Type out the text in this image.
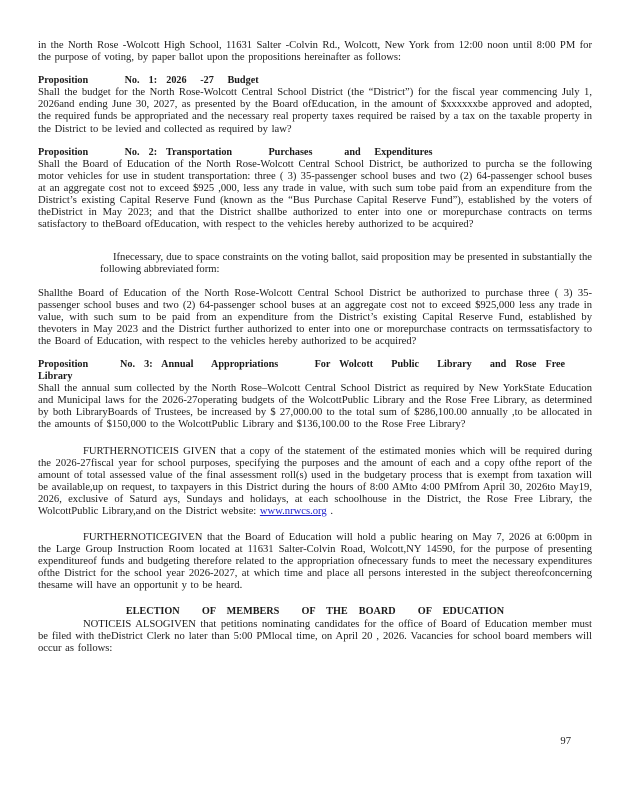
in the North Rose -Wolcott High School, 11631 Salter -Colvin Rd., Wolcott, New York from 12:00 noon until 8:00 PM for the purpose of voting, by paper ballot upon the propositions hereinafter as follows:

Proposition        No.  1:  2026   -27   Budget

Shall the budget for the North Rose-Wolcott Central School District (the “District”) for the fiscal year commencing July 1, 2026and ending June 30, 2027, as presented by the Board ofEducation, in the amount of $xxxxxxbe approved and adopted, the required funds be appropriated and the necessary real property taxes required be raised by a tax on the taxable property in the District to be levied and collected as required by law?

Proposition        No.  2:  Transportation        Purchases       and   Expenditures

Shall the Board of Education of the North Rose-Wolcott Central School District, be authorized to purcha se the following motor vehicles for use in student transportation: three ( 3) 35-passenger school buses and two (2) 64-passenger school buses at an aggregate cost not to exceed $925 ,000, less any trade in value, with such sum tobe paid from an expenditure from the District’s existing Capital Reserve Fund (known as the “Bus Purchase Capital Reserve Fund”), established by the voters of theDistrict in May 2023; and that the District shallbe authorized to enter into one or morepurchase contracts on terms satisfactory to theBoard ofEducation, with respect to the vehicles hereby authorized to be acquired?

Ifnecessary, due to space constraints on the voting ballot, said proposition may be presented in substantially the following abbreviated form:

Shallthe Board of Education of the North Rose-Wolcott Central School District be authorized to purchase three ( 3) 35-passenger school buses and two (2) 64-passenger school buses at an aggregate cost not to exceed $925,000 less any trade in value, with such sum to be paid from an expenditure from the District’s existing Capital Reserve Fund, established by thevoters in May 2023 and the District further authorized to enter into one or morepurchase contracts on termssatisfactory to the Board of Education, with respect to the vehicles hereby authorized to be acquired?

Proposition       No.  3:  Annual    Appropriations        For  Wolcott    Public    Library    and  Rose  Free  Library

Shall the annual sum collected by the North Rose–Wolcott Central School District as required by New YorkState Education and Municipal laws for the 2026-27operating budgets of the WolcottPublic Library and the Rose Free Library, as determined by both LibraryBoards of Trustees, be increased by $ 27,000.00 to the total sum of $286,100.00 annually ,to be allocated in the amounts of $150,000 to the WolcottPublic Library and $136,100.00 to the Rose Free Library?

FURTHERNOTICEIS GIVEN that a copy of the statement of the estimated monies which will be required during the 2026-27fiscal year for school purposes, specifying the purposes and the amount of each and a copy ofthe report of the amount of total assessed value of the final assessment roll(s) used in the budgetary process that is exempt from taxation will be available,up on request, to taxpayers in this District during the hours of 8:00 AMto 4:00 PMfrom April 30, 2026to May19, 2026, exclusive of Saturd ays, Sundays and holidays, at each schoolhouse in the District, the Rose Free Library, the WolcottPublic Library,and on the District website: www.nrwcs.org .

FURTHERNOTICEGIVEN that the Board of Education will hold a public hearing on May 7, 2026 at 6:00pm in the Large Group Instruction Room located at 11631 Salter-Colvin Road, Wolcott,NY 14590, for the purpose of presenting expenditureof funds and budgeting therefore related to the appropriation ofnecessary funds to meet the necessary expenditures ofthe District for the school year 2026-2027, at which time and place all persons interested in the subject thereofconcerning thesame will have an opportunit y to be heard.

ELECTION    OF  MEMBERS    OF  THE  BOARD    OF  EDUCATION

NOTICEIS ALSOGIVEN that petitions nominating candidates for the office of Board of Education member must be filed with theDistrict Clerk no later than 5:00 PMlocal time, on April 20 , 2026. Vacancies for school board members will occur as follows:

97
